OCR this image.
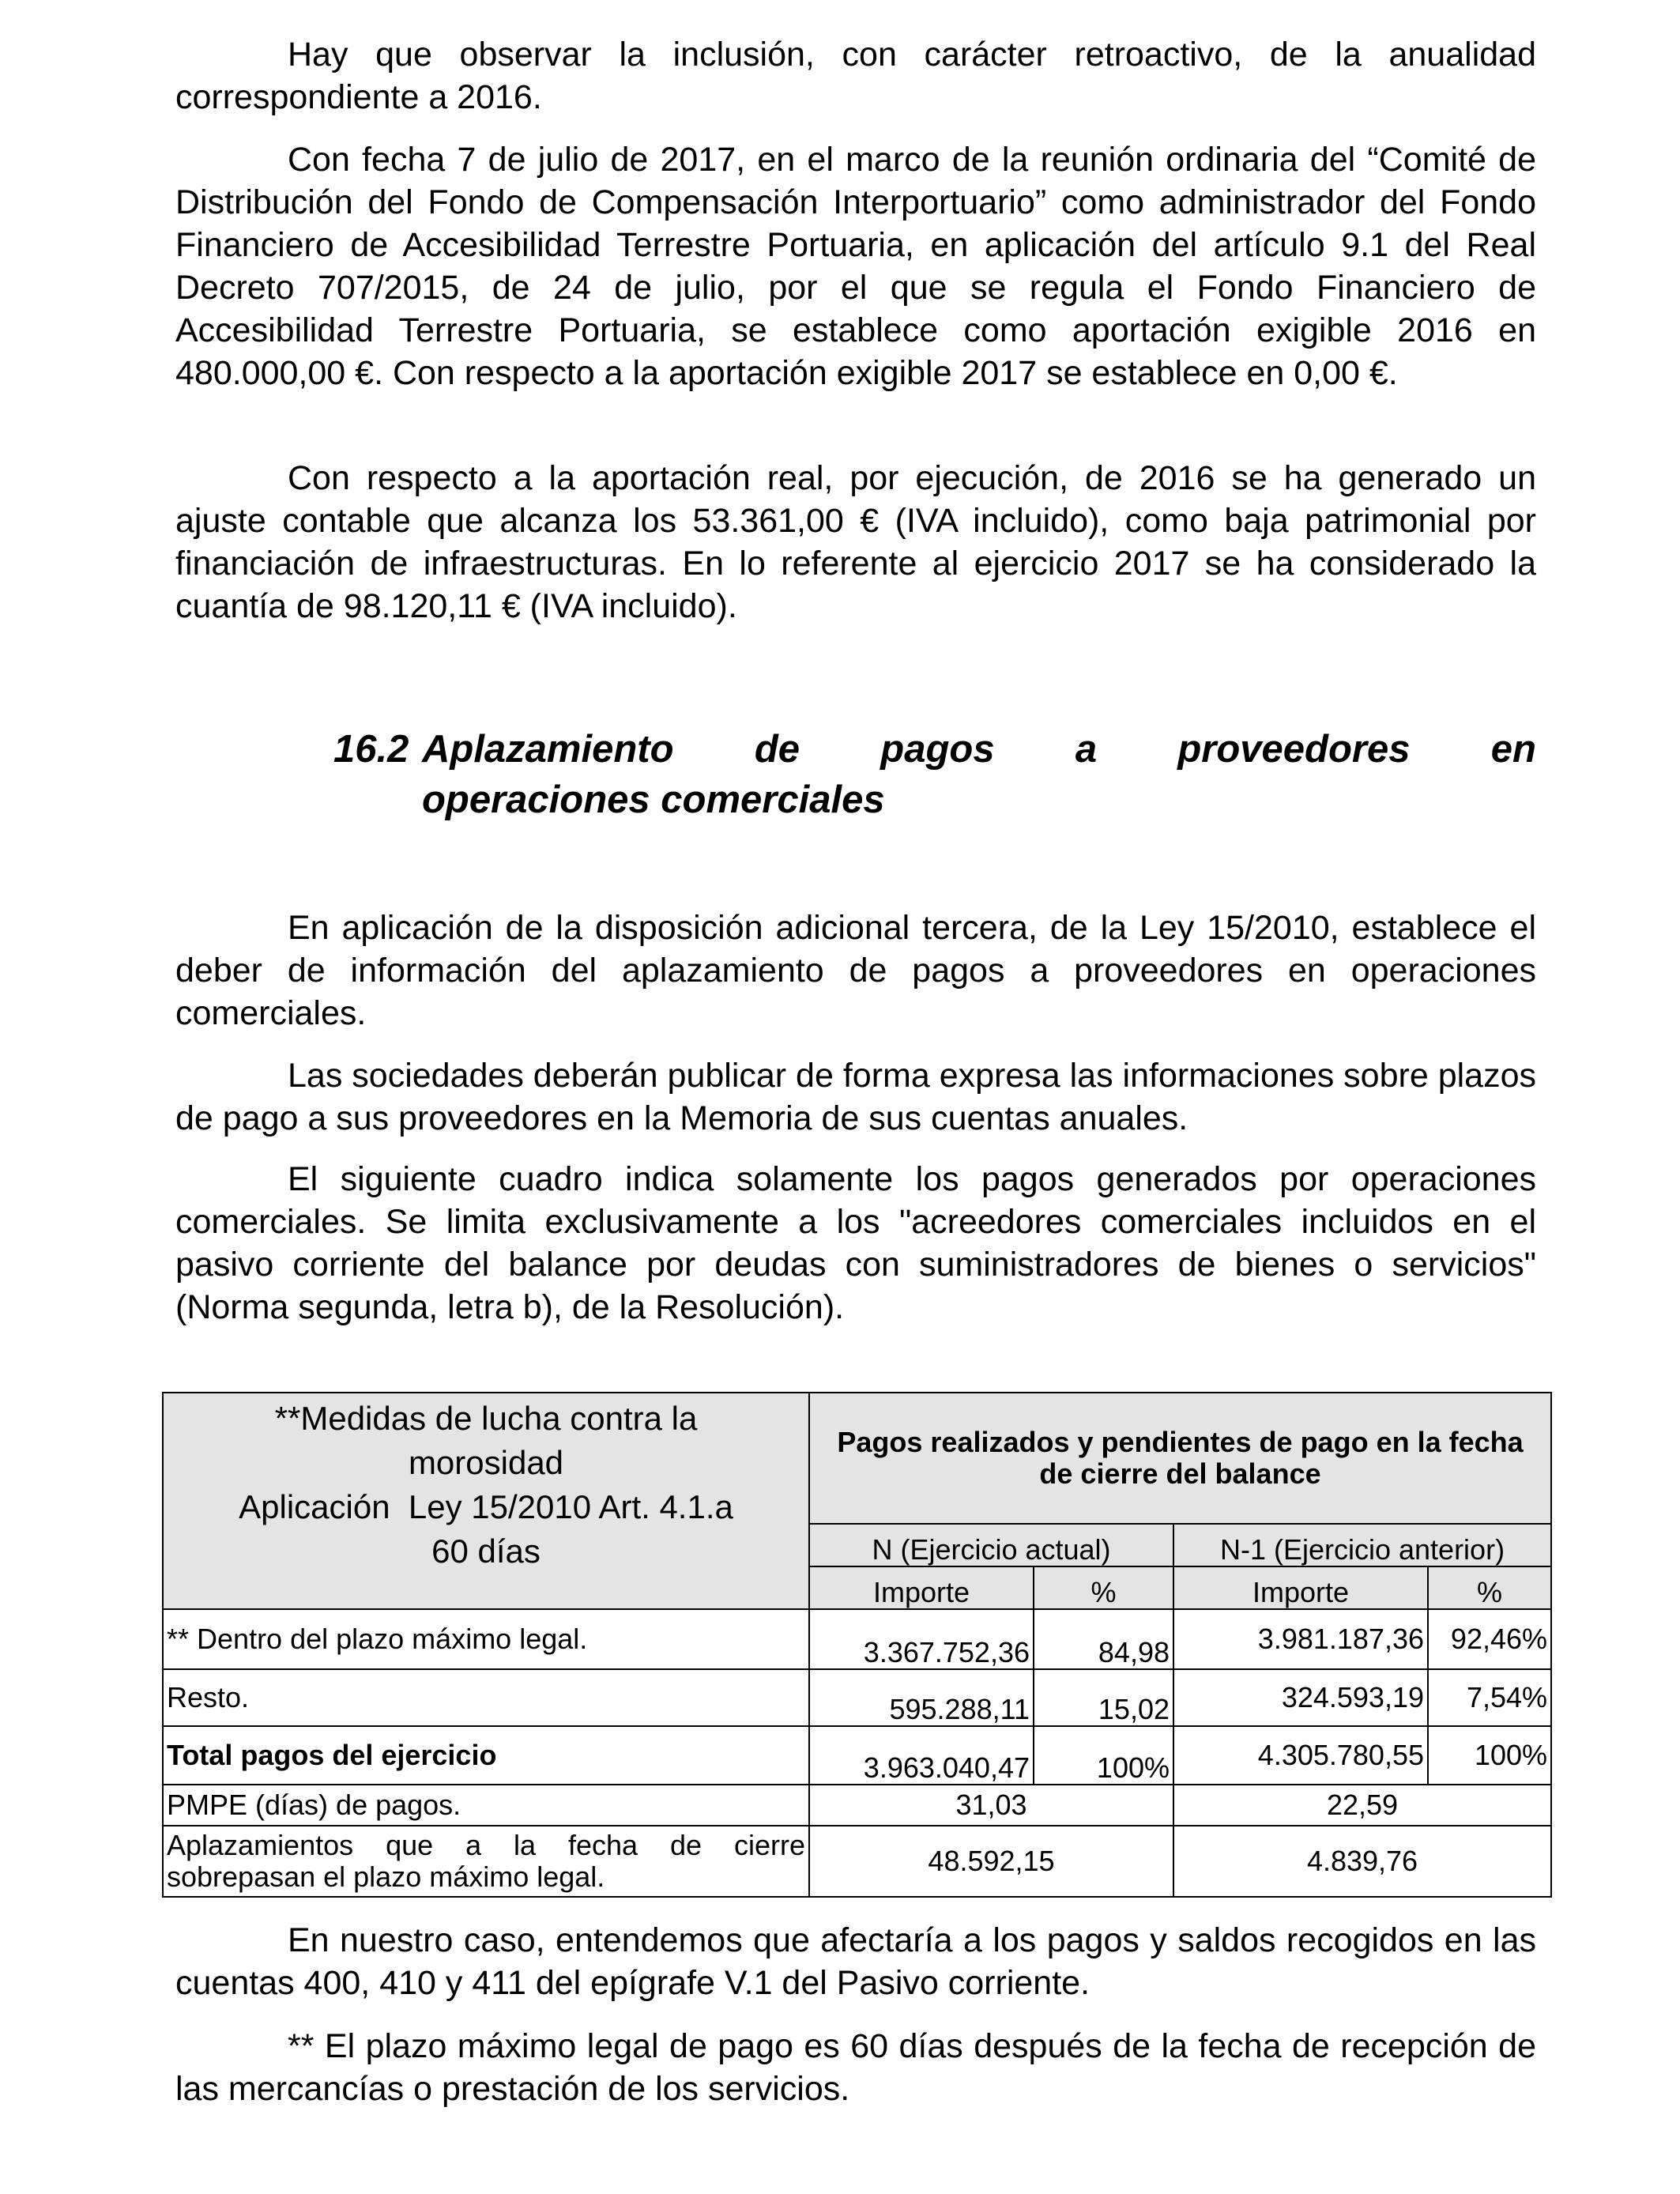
Hay que observar la inclusión, con carácter retroactivo, de la anualidad correspondiente a 2016.

Con fecha 7 de julio de 2017, en el marco de la reunión ordinaria del “Comité de Distribución del Fondo de Compensación Interportuario” como administrador del Fondo Financiero de Accesibilidad Terrestre Portuaria, en aplicación del artículo 9.1 del Real Decreto 707/2015, de 24 de julio, por el que se regula el Fondo Financiero de Accesibilidad Terrestre Portuaria, se establece como aportación exigible 2016 en 480.000,00 €. Con respecto a la aportación exigible 2017 se establece en 0,00 €.

Con respecto a la aportación real, por ejecución, de 2016 se ha generado un ajuste contable que alcanza los 53.361,00 € (IVA incluido), como baja patrimonial por financiación de infraestructuras. En lo referente al ejercicio 2017 se ha considerado la cuantía de 98.120,11 € (IVA incluido).

16.2 Aplazamiento de pagos a proveedores en
operaciones comerciales

En aplicación de la disposición adicional tercera, de la Ley 15/2010, establece el deber de información del aplazamiento de pagos a proveedores en operaciones comerciales.

Las sociedades deberán publicar de forma expresa las informaciones sobre plazos de pago a sus proveedores en la Memoria de sus cuentas anuales.

El siguiente cuadro indica solamente los pagos generados por operaciones comerciales. Se limita exclusivamente a los "acreedores comerciales incluidos en el pasivo corriente del balance por deudas con suministradores de bienes o servicios" (Norma segunda, letra b), de la Resolución).

**Medidas de lucha contra la
morosidad
Aplicación  Ley 15/2010 Art. 4.1.a
60 días	Pagos realizados y pendientes de pago en la fecha de cierre del balance			
	N (Ejercicio actual)		N-1 (Ejercicio anterior)	
	Importe	%	Importe	%
** Dentro del plazo máximo legal.	3.367.752,36	84,98	3.981.187,36	92,46%
Resto.	595.288,11	15,02	324.593,19	7,54%
Total pagos del ejercicio	3.963.040,47	100%	4.305.780,55	100%
PMPE (días) de pagos.	31,03		22,59	
Aplazamientos que a la fecha de cierre sobrepasan el plazo máximo legal.	48.592,15		4.839,76	

En nuestro caso, entendemos que afectaría a los pagos y saldos recogidos en las cuentas 400, 410 y 411 del epígrafe V.1 del Pasivo corriente.

** El plazo máximo legal de pago es 60 días después de la fecha de recepción de las mercancías o prestación de los servicios.
